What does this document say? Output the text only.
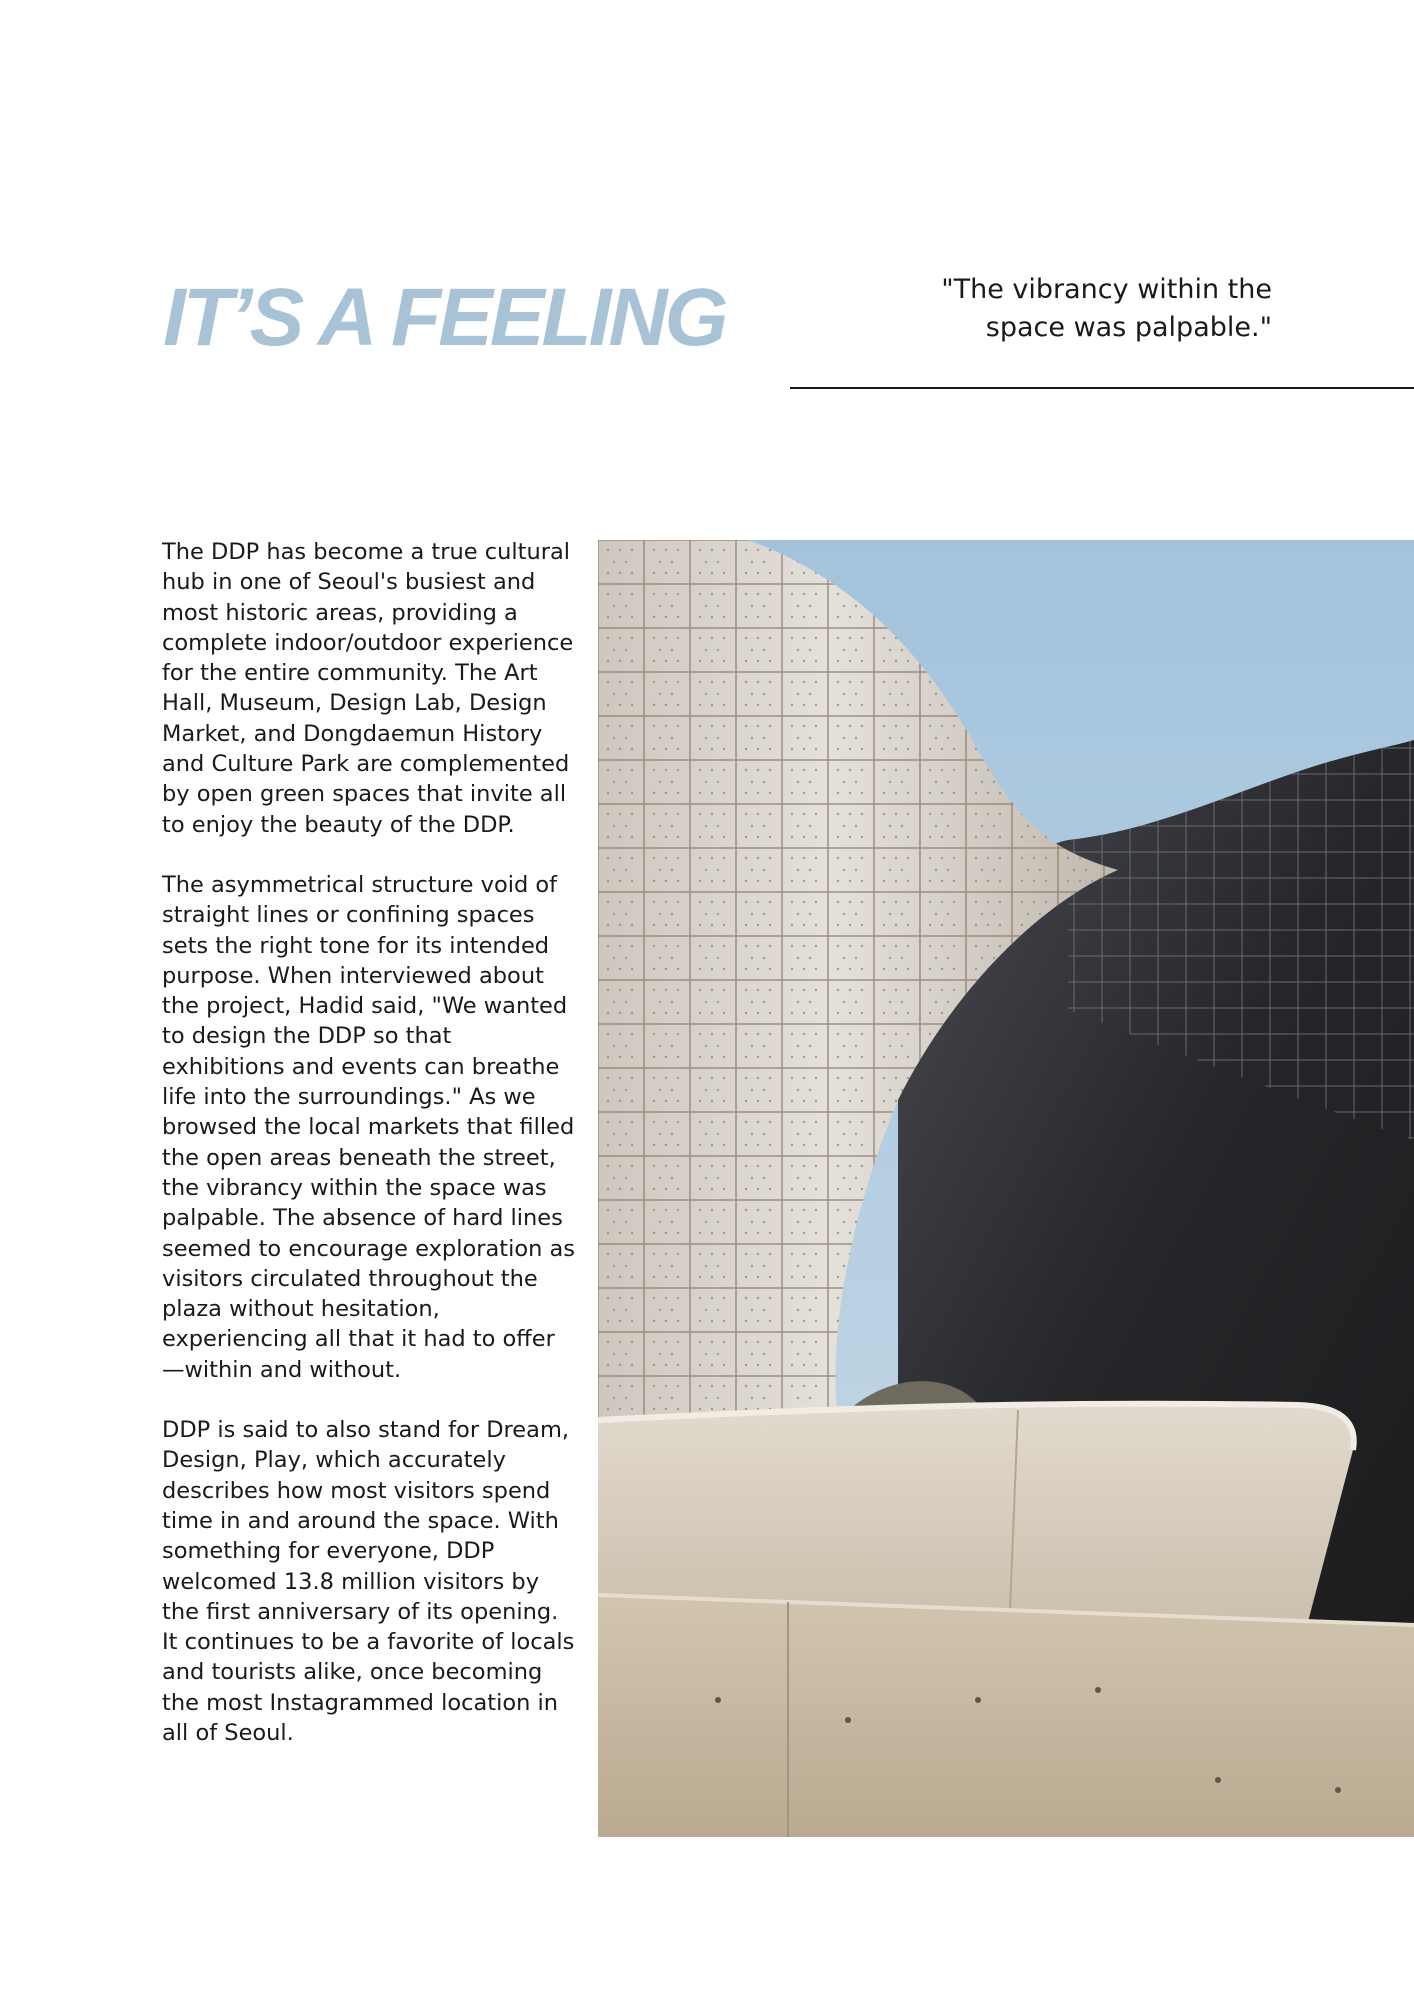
IT’S A FEELING	"The vibrancy within the
space was palpable."

The DDP has become a true cultural hub in one of Seoul's busiest and most historic areas, providing a complete indoor/outdoor experience for the entire community. The Art Hall, Museum, Design Lab, Design Market, and Dongdaemun History and Culture Park are complemented by open green spaces that invite all to enjoy the beauty of the DDP.

The asymmetrical structure void of straight lines or confining spaces sets the right tone for its intended purpose. When interviewed about the project, Hadid said, "We wanted to design the DDP so that exhibitions and events can breathe life into the surroundings." As we browsed the local markets that filled the open areas beneath the street, the vibrancy within the space was palpable. The absence of hard lines seemed to encourage exploration as visitors circulated throughout the plaza without hesitation, experiencing all that it had to offer—within and without.

DDP is said to also stand for Dream, Design, Play, which accurately describes how most visitors spend time in and around the space. With something for everyone, DDP welcomed 13.8 million visitors by the first anniversary of its opening. It continues to be a favorite of locals and tourists alike, once becoming the most Instagrammed location in all of Seoul.
